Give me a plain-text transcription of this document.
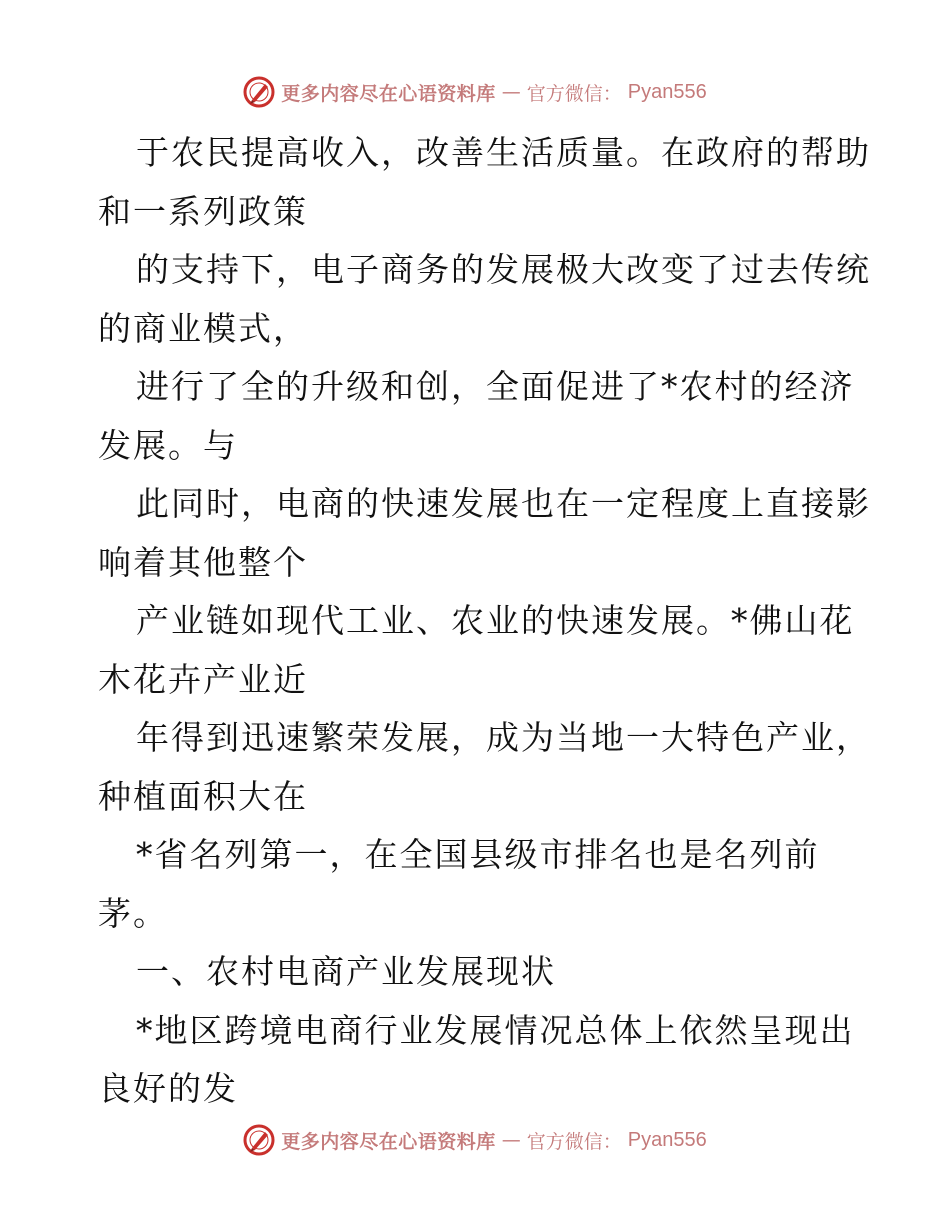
更多内容尽在心语资料库 — 官方微信： Pyan556
于农民提高收入，改善生活质量。在政府的帮助
和一系列政策
的支持下，电子商务的发展极大改变了过去传统
的商业模式，
进行了全的升级和创，全面促进了*农村的经济
发展。与
此同时，电商的快速发展也在一定程度上直接影
响着其他整个
产业链如现代工业、农业的快速发展。*佛山花
木花卉产业近
年得到迅速繁荣发展，成为当地一大特色产业，
种植面积大在
*省名列第一，在全国县级市排名也是名列前
茅。
一、农村电商产业发展现状
*地区跨境电商行业发展情况总体上依然呈现出
良好的发
更多内容尽在心语资料库 — 官方微信： Pyan556
